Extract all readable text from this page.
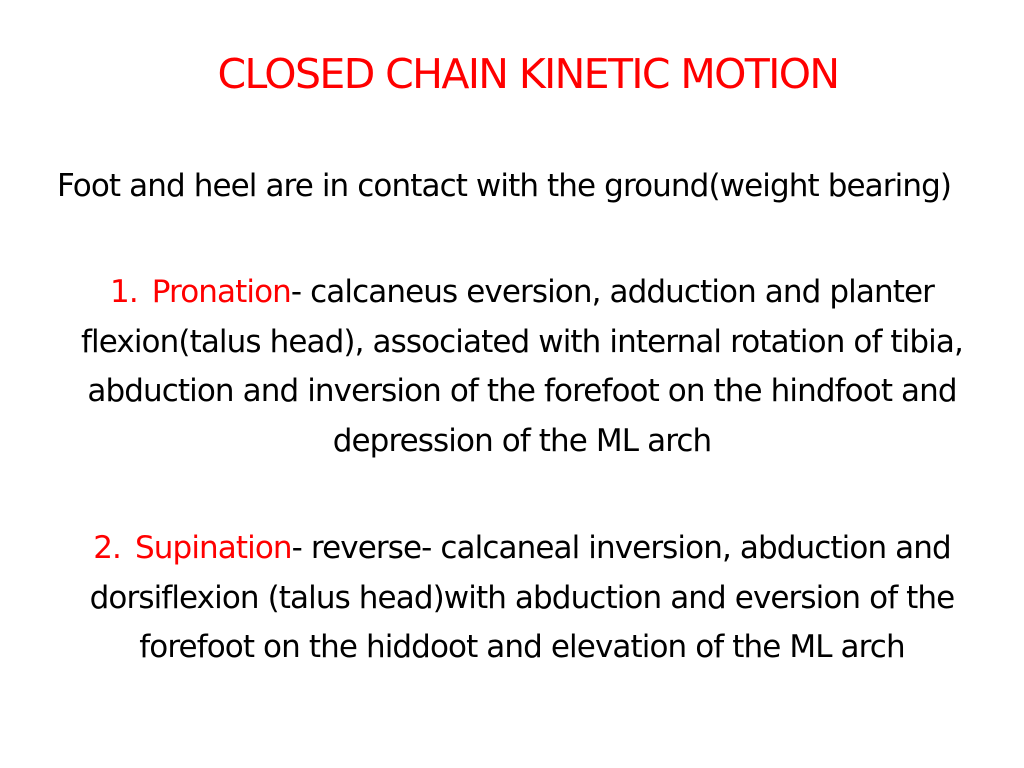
CLOSED CHAIN KINETIC MOTION
Foot and heel are in contact with the ground(weight bearing)
1. Pronation- calcaneus eversion, adduction and planter flexion(talus head), associated with internal rotation of tibia, abduction and inversion of the forefoot on the hindfoot and depression of the ML arch
2. Supination- reverse- calcaneal inversion, abduction and dorsiflexion (talus head)with abduction and eversion of the forefoot on the hiddoot and elevation of the ML arch
